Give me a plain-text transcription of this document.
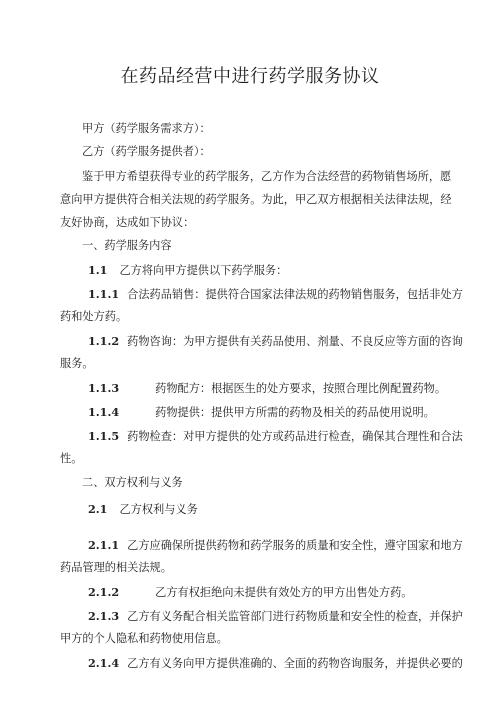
在药品经营中进行药学服务协议
甲方（药学服务需求方）：
乙方（药学服务提供者）：
鉴于甲方希望获得专业的药学服务，乙方作为合法经营的药物销售场所，愿
意向甲方提供符合相关法规的药学服务。为此，甲乙双方根据相关法律法规，经
友好协商，达成如下协议：
一、药学服务内容
1.1 乙方将向甲方提供以下药学服务：
1.1.1 合法药品销售：提供符合国家法律法规的药物销售服务，包括非处方
药和处方药。
1.1.2 药物咨询：为甲方提供有关药品使用、剂量、不良反应等方面的咨询
服务。
1.1.3	药物配方：根据医生的处方要求，按照合理比例配置药物。
1.1.4	药物提供：提供甲方所需的药物及相关的药品使用说明。
1.1.5 药物检查：对甲方提供的处方或药品进行检查，确保其合理性和合法
性。
二、双方权利与义务
2.1 乙方权利与义务
2.1.1 乙方应确保所提供药物和药学服务的质量和安全性，遵守国家和地方
药品管理的相关法规。
2.1.2	乙方有权拒绝向未提供有效处方的甲方出售处方药。
2.1.3 乙方有义务配合相关监管部门进行药物质量和安全性的检查，并保护
甲方的个人隐私和药物使用信息。
2.1.4 乙方有义务向甲方提供准确的、全面的药物咨询服务，并提供必要的
